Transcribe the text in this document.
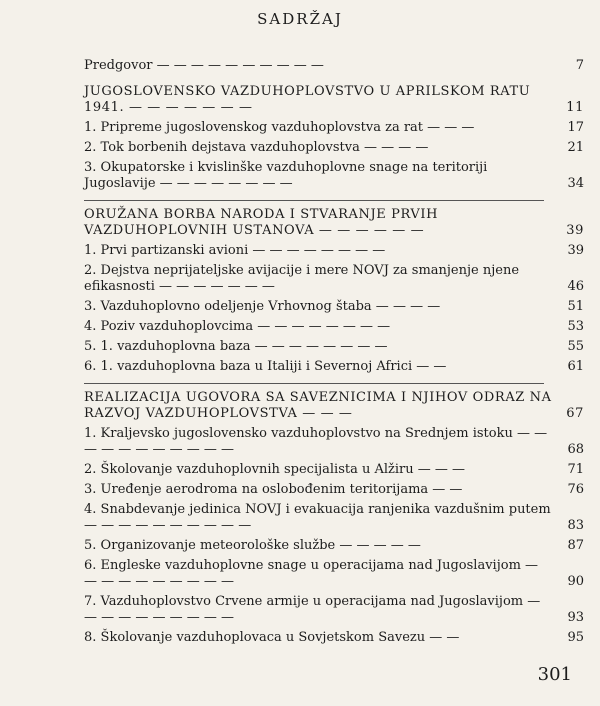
SADRŽAJ
Predgovor — — — — — — — — — —	7
JUGOSLOVENSKO VAZDUHOPLOVSTVO U APRILSKOM RATU 1941. — — — — — — —	11
1. Pripreme jugoslovenskog vazduhoplovstva za rat — — —	17
2. Tok borbenih dejstava vazduhoplovstva — — — —	21
3. Okupatorske i kvislinške vazduhoplovne snage na teritoriji Jugoslavije — — — — — — — —	34
ORUŽANA BORBA NARODA I STVARANJE PRVIH VAZDUHOPLOVNIH USTANOVA — — — — — —	39
1. Prvi partizanski avioni — — — — — — — —	39
2. Dejstva neprijateljske avijacije i mere NOVJ za smanjenje njene efikasnosti — — — — — — —	46
3. Vazduhoplovno odeljenje Vrhovnog štaba — — — —	51
4. Poziv vazduhoplovcima — — — — — — — —	53
5. 1. vazduhoplovna baza — — — — — — — —	55
6. 1. vazduhoplovna baza u Italiji i Severnoj Africi — —	61
REALIZACIJA UGOVORA SA SAVEZNICIMA I NJIHOV ODRAZ NA RAZVOJ VAZDUHOPLOVSTVA — — —	67
1. Kraljevsko jugoslovensko vazduhoplovstvo na Srednjem istoku — — — — — — — — — — —	68
2. Školovanje vazduhoplovnih specijalista u Alžiru — — —	71
3. Uređenje aerodroma na oslobođenim teritorijama — —	76
4. Snabdevanje jedinica NOVJ i evakuacija ranjenika vazdušnim putem — — — — — — — — — —	83
5. Organizovanje meteorološke službe — — — — —	87
6. Engleske vazduhoplovne snage u operacijama nad Jugoslavijom — — — — — — — — — —	90
7. Vazduhoplovstvo Crvene armije u operacijama nad Jugoslavijom — — — — — — — — — —	93
8. Školovanje vazduhoplovaca u Sovjetskom Savezu — —	95
301
